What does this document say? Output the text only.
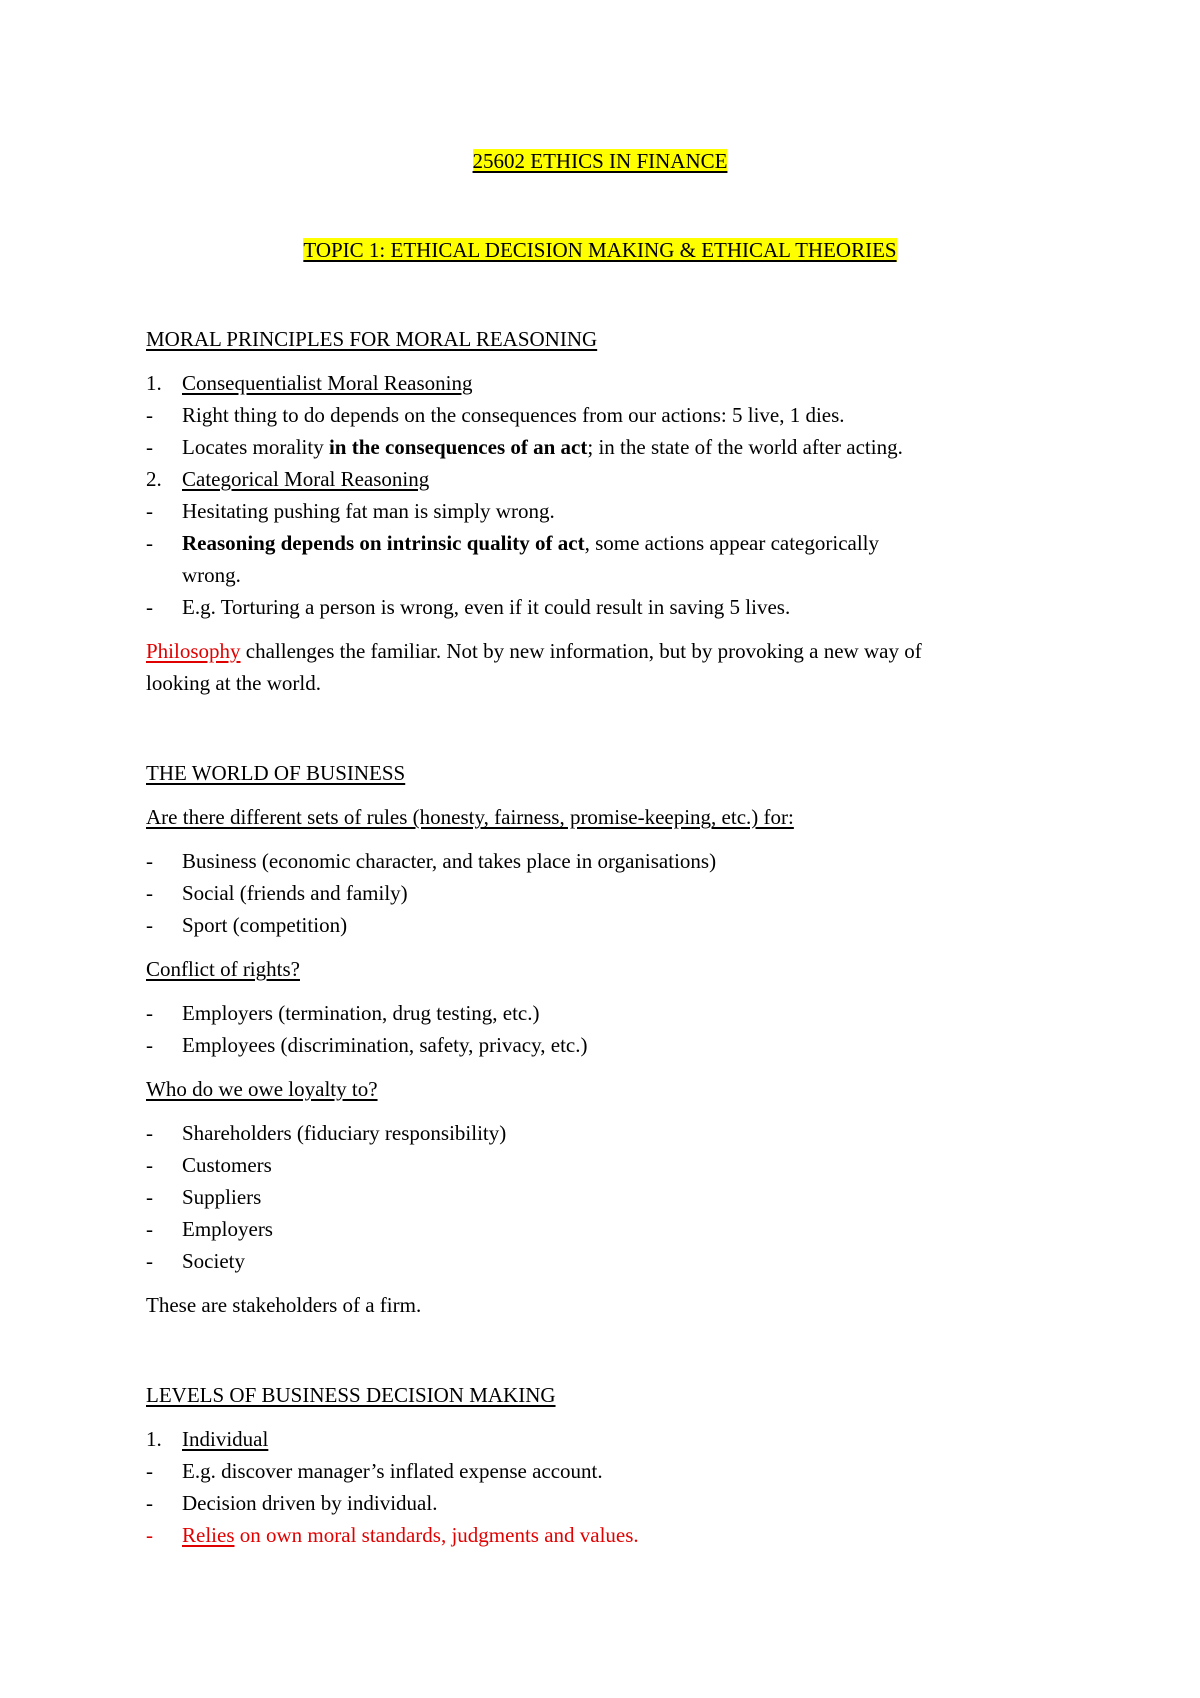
25602 ETHICS IN FINANCE
TOPIC 1: ETHICAL DECISION MAKING & ETHICAL THEORIES
MORAL PRINCIPLES FOR MORAL REASONING
1. Consequentialist Moral Reasoning
- Right thing to do depends on the consequences from our actions: 5 live, 1 dies.
- Locates morality in the consequences of an act; in the state of the world after acting.
2. Categorical Moral Reasoning
- Hesitating pushing fat man is simply wrong.
- Reasoning depends on intrinsic quality of act, some actions appear categorically
wrong.
- E.g. Torturing a person is wrong, even if it could result in saving 5 lives.
Philosophy challenges the familiar. Not by new information, but by provoking a new way of
looking at the world.
THE WORLD OF BUSINESS
Are there different sets of rules (honesty, fairness, promise-keeping, etc.) for:
- Business (economic character, and takes place in organisations)
- Social (friends and family)
- Sport (competition)
Conflict of rights?
- Employers (termination, drug testing, etc.)
- Employees (discrimination, safety, privacy, etc.)
Who do we owe loyalty to?
- Shareholders (fiduciary responsibility)
- Customers
- Suppliers
- Employers
- Society
These are stakeholders of a firm.
LEVELS OF BUSINESS DECISION MAKING
1. Individual
- E.g. discover manager’s inflated expense account.
- Decision driven by individual.
- Relies on own moral standards, judgments and values.
